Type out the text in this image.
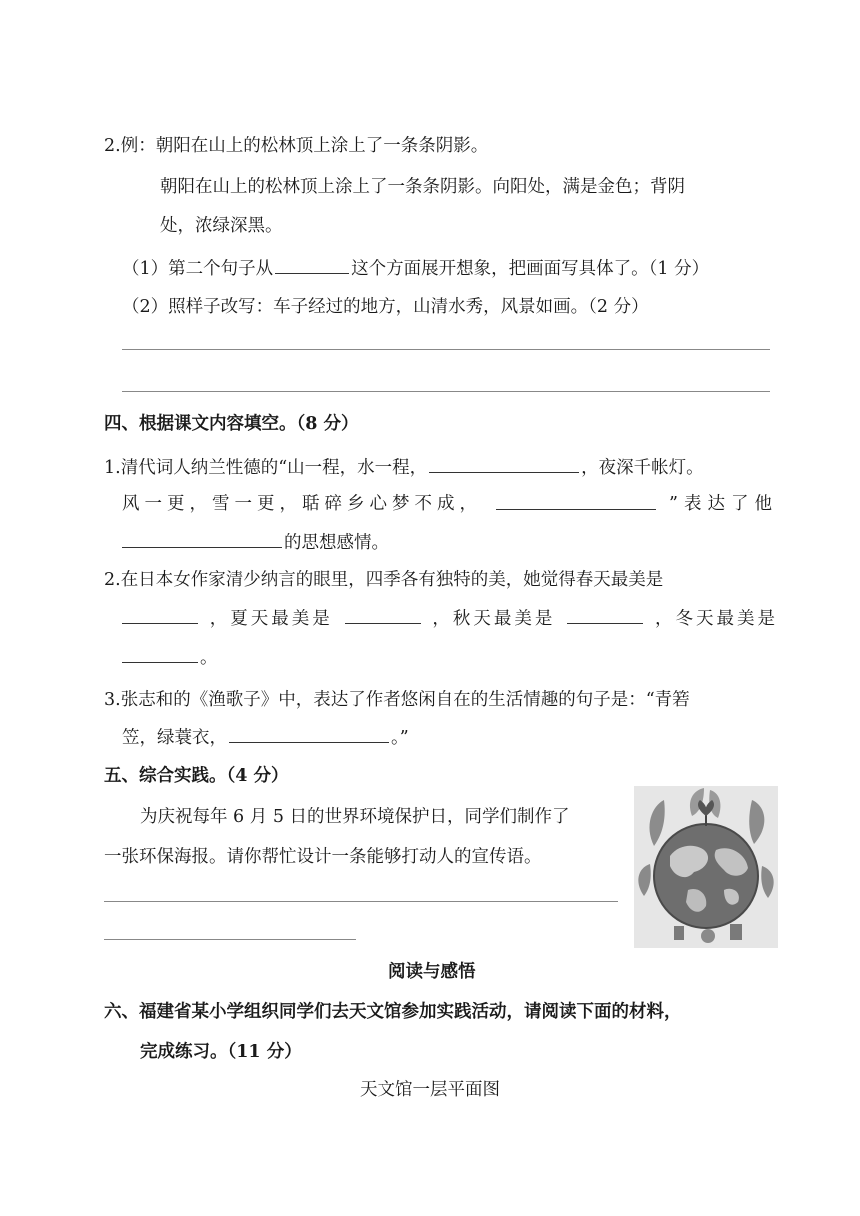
2.例：朝阳在山上的松林顶上涂上了一条条阴影。
朝阳在山上的松林顶上涂上了一条条阴影。向阳处，满是金色；背阴
处，浓绿深黑。
（1）第二个句子从	这个方面展开想象，把画面写具体了。（1 分）
（2）照样子改写：车子经过的地方，山清水秀，风景如画。（2 分）
四、根据课文内容填空。（8 分）
1.清代词人纳兰性德的“山一程，水一程，	，夜深千帐灯。
风一更，雪一更，聒碎乡心梦不成，	”表达了他
的思想感情。
2.在日本女作家清少纳言的眼里，四季各有独特的美，她觉得春天最美是
，夏天最美是	，秋天最美是	，冬天最美是
。
3.张志和的《渔歌子》中，表达了作者悠闲自在的生活情趣的句子是：“青箬
笠，绿蓑衣，	。”
五、综合实践。（4 分）
为庆祝每年 6 月 5 日的世界环境保护日，同学们制作了
一张环保海报。请你帮忙设计一条能够打动人的宣传语。
阅读与感悟
六、福建省某小学组织同学们去天文馆参加实践活动，请阅读下面的材料，
完成练习。（11 分）
天文馆一层平面图
